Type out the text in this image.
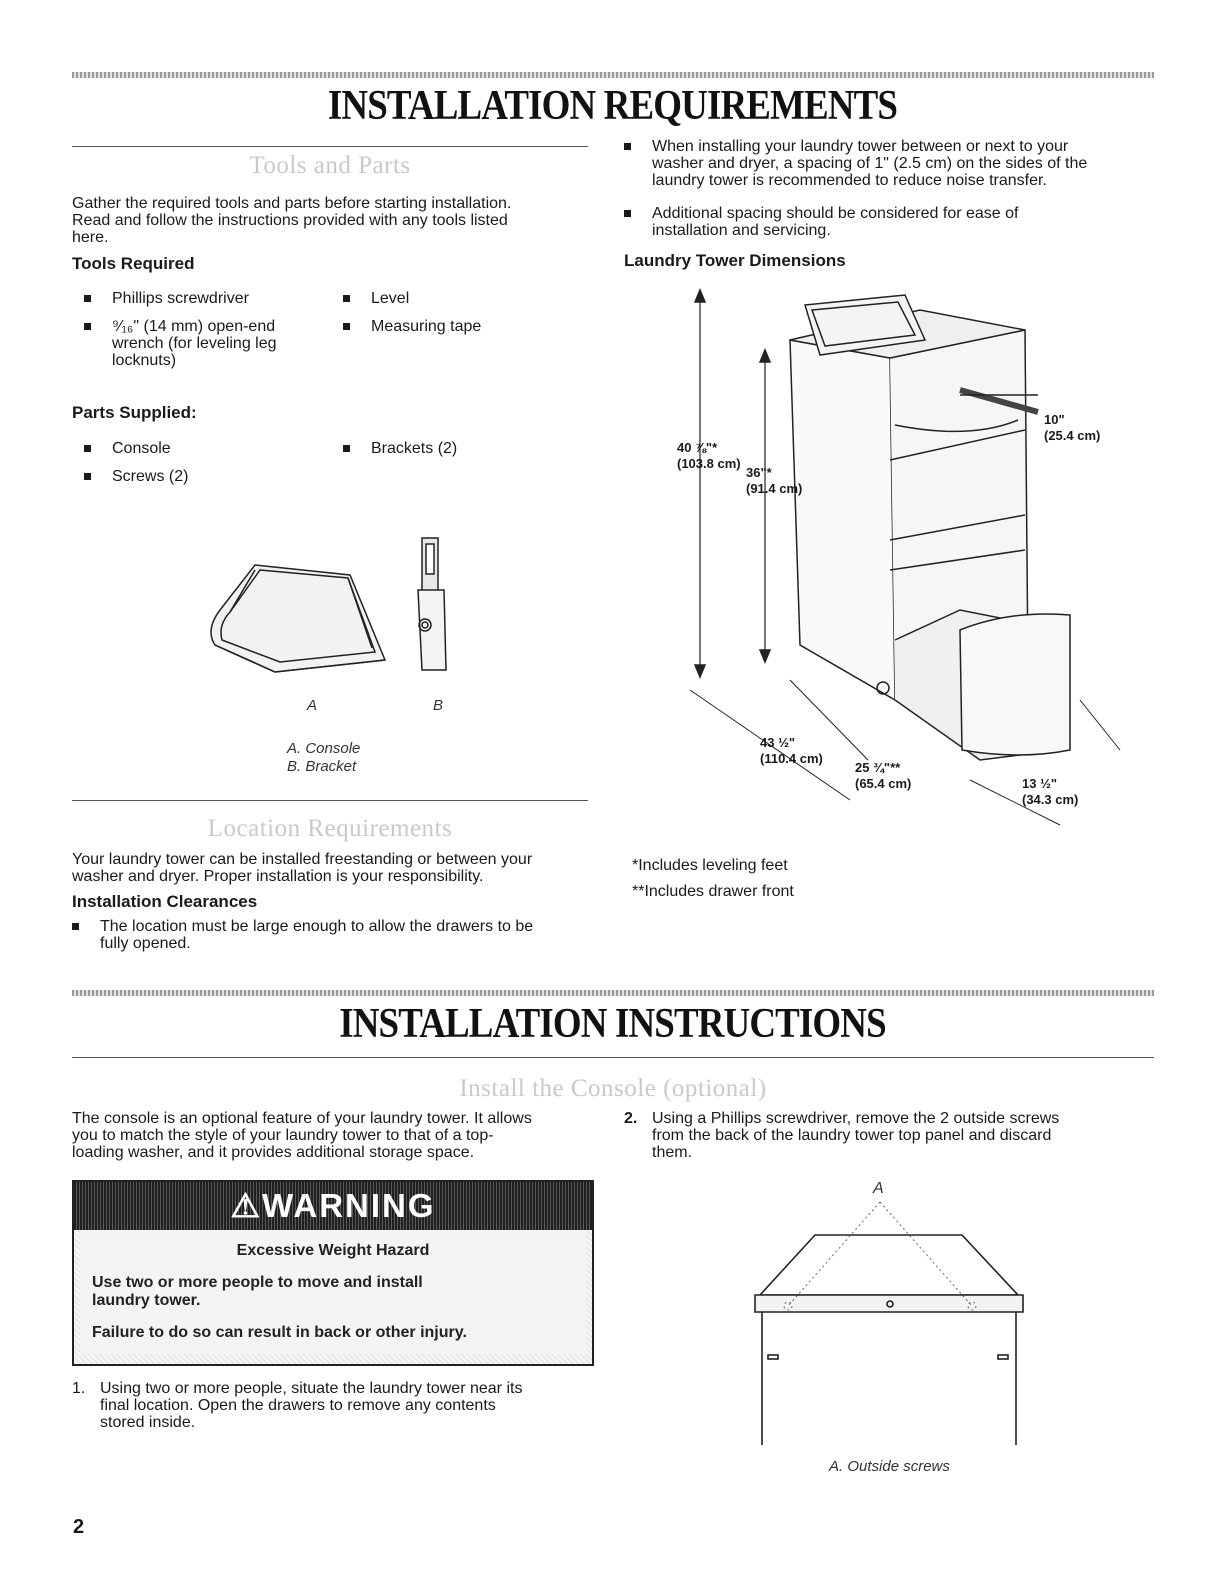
INSTALLATION REQUIREMENTS
Tools and Parts
Gather the required tools and parts before starting installation.
Read and follow the instructions provided with any tools listed
here.
Tools Required
Phillips screwdriver
⁹⁄₁₆" (14 mm) open-end
wrench (for leveling leg
locknuts)
Level
Measuring tape
Parts Supplied:
Console
Screws (2)
Brackets (2)
A	B
A. Console
B. Bracket
Location Requirements
Your laundry tower can be installed freestanding or between your
washer and dryer. Proper installation is your responsibility.
Installation Clearances
The location must be large enough to allow the drawers to be
fully opened.
When installing your laundry tower between or next to your
washer and dryer, a spacing of 1" (2.5 cm) on the sides of the
laundry tower is recommended to reduce noise transfer.
Additional spacing should be considered for ease of
installation and servicing.
Laundry Tower Dimensions
40 ⅞"*
(103.8 cm)
36"*
(91.4 cm)
10"
(25.4 cm)
43 ½"
(110.4 cm)
25 ¾"**
(65.4 cm)	13 ½"
(34.3 cm)
*Includes leveling feet
**Includes drawer front
INSTALLATION INSTRUCTIONS
Install the Console (optional)
The console is an optional feature of your laundry tower. It allows
you to match the style of your laundry tower to that of a top-
loading washer, and it provides additional storage space.
⚠WARNING
Excessive Weight Hazard
Use two or more people to move and install
laundry tower.
Failure to do so can result in back or other injury.
1. Using two or more people, situate the laundry tower near its
final location. Open the drawers to remove any contents
stored inside.
2. Using a Phillips screwdriver, remove the 2 outside screws
from the back of the laundry tower top panel and discard
them.
A
A. Outside screws
2
